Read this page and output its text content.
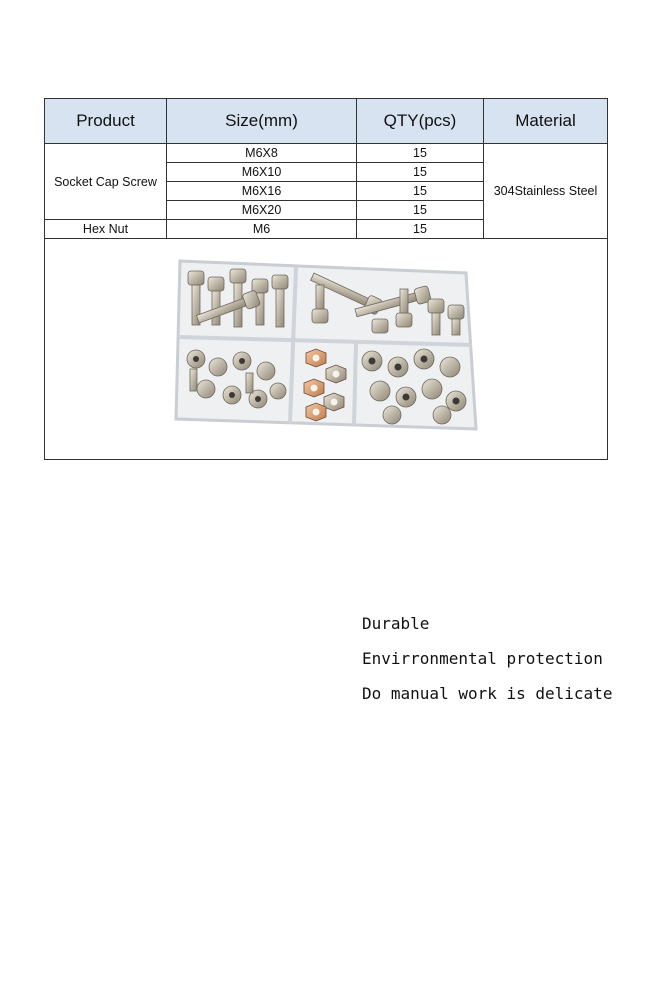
Product	Size(mm)	QTY(pcs)	Material
Socket Cap Screw	M6X8	15	304Stainless Steel
	M6X10	15	
	M6X16	15	
	M6X20	15	
Hex Nut	M6	15	

Durable
Envirronmental protection
Do manual work is delicate
